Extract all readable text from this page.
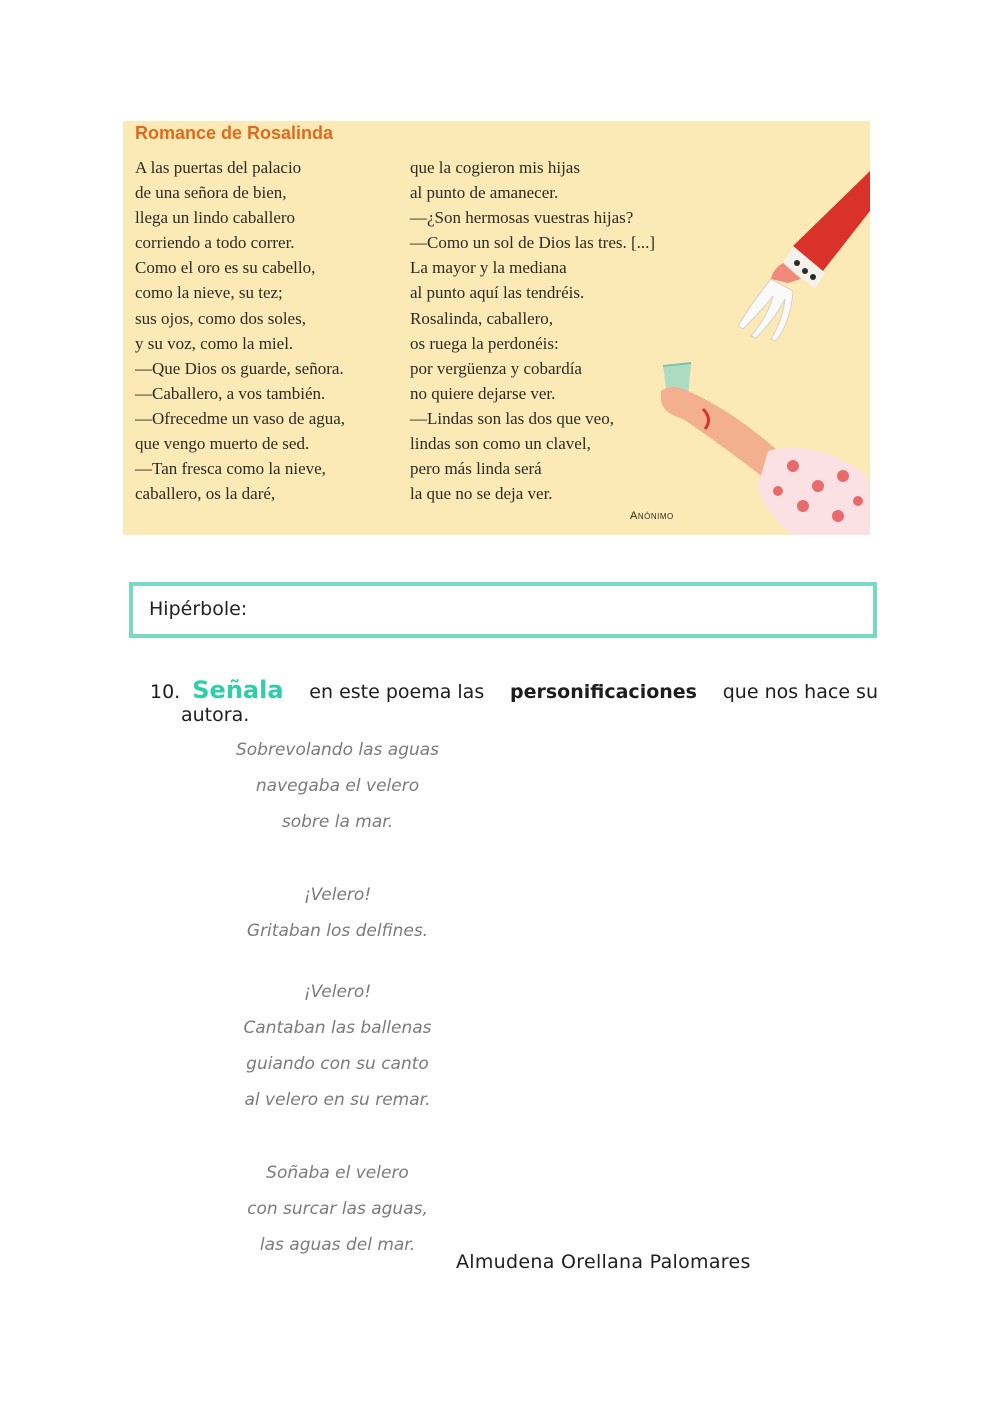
Romance de Rosalinda
A las puertas del palacio
de una señora de bien,
llega un lindo caballero
corriendo a todo correr.
Como el oro es su cabello,
como la nieve, su tez;
sus ojos, como dos soles,
y su voz, como la miel.
—Que Dios os guarde, señora.
—Caballero, a vos también.
—Ofrecedme un vaso de agua,
que vengo muerto de sed.
—Tan fresca como la nieve,
caballero, os la daré,
que la cogieron mis hijas
al punto de amanecer.
—¿Son hermosas vuestras hijas?
—Como un sol de Dios las tres. [...]
La mayor y la mediana
al punto aquí las tendréis.
Rosalinda, caballero,
os ruega la perdonéis:
por vergüenza y cobardía
no quiere dejarse ver.
—Lindas son las dos que veo,
lindas son como un clavel,
pero más linda será
la que no se deja ver.
Anónimo
Hipérbole:
10. Señala en este poema las personificaciones que nos hace su
autora.
Sobrevolando las aguas
navegaba el velero
sobre la mar.
¡Velero!
Gritaban los delfines.
¡Velero!
Cantaban las ballenas
guiando con su canto
al velero en su remar.
Soñaba el velero
con surcar las aguas,
las aguas del mar.
Almudena Orellana Palomares
